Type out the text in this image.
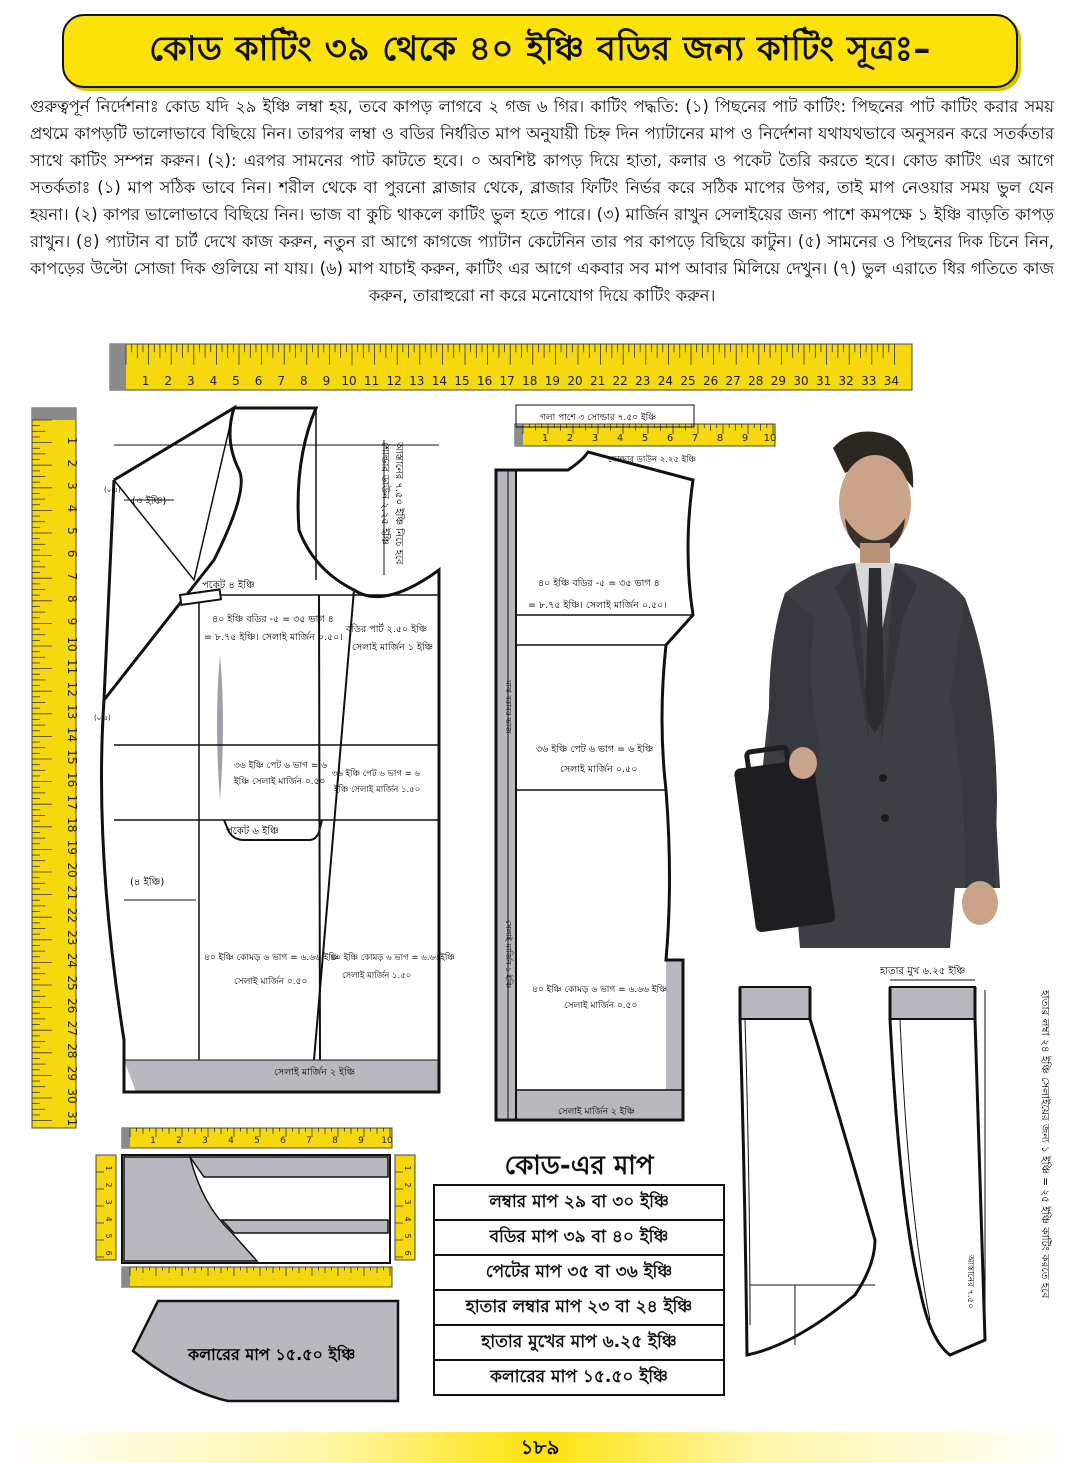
কোড কাটিং ৩৯ থেকে ৪০ ইঞ্চি বডির জন্য কাটিং সূত্রঃ–
গুরুত্বপূর্ন নির্দেশনাঃ কোড যদি ২৯ ইঞ্চি লম্বা হয়, তবে কাপড় লাগবে ২ গজ ৬ গির। কাটিং পদ্ধতি: (১) পিছনের পাট কাটিং: পিছনের পাট কাটিং করার সময় প্রথমে কাপড়টি ভালোভাবে বিছিয়ে নিন। তারপর লম্বা ও বডির নির্ধরিত মাপ অনুযায়ী চিহ্ন দিন প্যাটানের মাপ ও নির্দেশনা যথাযথভাবে অনুসরন করে সতর্কতার সাথে কাটিং সম্পন্ন করুন। (২): এরপর সামনের পাট কাটতে হবে। ০ অবশিষ্ট কাপড় দিয়ে হাতা, কলার ও পকেট তৈরি করতে হবে। কোড কাটিং এর আগে সতর্কতাঃ (১) মাপ সঠিক ভাবে নিন। শরীল থেকে বা পুরনো ব্লাজার থেকে, ব্লাজার ফিটিং নির্ভর করে সঠিক মাপের উপর, তাই মাপ নেওয়ার সময় ভুল যেন হয়না। (২) কাপর ভালোভাবে বিছিয়ে নিন। ভাজ বা কুচি থাকলে কাটিং ভুল হতে পারে। (৩) মার্জিন রাখুন সেলাইয়ের জন্য পাশে কমপক্ষে ১ ইঞ্চি বাড়তি কাপড় রাখুন। (৪) প্যাটান বা চার্ট দেখে কাজ করুন, নতুন রা আগে কাগজে প্যাটান কেটেনিন তার পর কাপড়ে বিছিয়ে কাটুন। (৫) সামনের ও পিছনের দিক চিনে নিন, কাপড়ের উল্টো সোজা দিক গুলিয়ে না যায়। (৬) মাপ যাচাই করুন, কাটিং এর আগে একবার সব মাপ আবার মিলিয়ে দেখুন। (৭) ভুল এরাতে ধির গতিতে কাজ করুন, তারাহুরো না করে মনোযোগ দিয়ে কাটিং করুন।
1 2 3 4 5 6 7 8 9 10 11 12 13 14 15 16 17 18 19 20 21 22 23 24 25 26 27 28 29 30 31 32 33 34
1
2
3
4
5
6
7
8
9
10
11
12
13
14
15
16
17
18
19
20
21
22
23
24
25
26
27
28
29
30
31
আস্তানের ৭.৫০ ইঞ্চি নিচে হবে
শোল্ডার ডাউন ২.২৫ ইঞ্চি
(৩ ইঞ্চি)
পকেট ৪ ইঞ্চি
৪০ ইঞ্চি বডির -৫ = ৩৫ ভাগ ৪
= ৮.৭৫ ইঞ্চি। সেলাই মার্জিন ০.৫০।
বডির পার্ট ২.৫০ ইঞ্চি
সেলাই মার্জিন ১ ইঞ্চি
৩৬ ইঞ্চি পেট ৬ ভাগ = ৬
ইঞ্চি সেলাই মার্জিন ০.৫০
৩৬ ইঞ্চি পেট ৬ ভাগ = ৬
ইঞ্চি সেলাই মার্জিন ১.৫০
পকেট ৬ ইঞ্চি
(৪ ইঞ্চি)
৪০ ইঞ্চি কোমড় ৬ ভাগ = ৬.৬৬ ইঞ্চি
সেলাই মার্জিন ০.৫০
৪০ ইঞ্চি কোমড় ৬ ভাগ = ৬.৬৬ইঞ্চি
সেলাই মার্জিন ১.৫০
সেলাই মার্জিন ২ ইঞ্চি
(০.৫)
(০.৫)
1 2 3 4 5 6 7 8 9 10
গলা পাশে ৩ সোল্ডার ৭.৫০ ইঞ্চি
সোল্ডার ডাউন ২.২৫ ইঞ্চি
৪০ ইঞ্চি বডির -৫ = ৩৫ ভাগ ৪
= ৮.৭৫ ইঞ্চি। সেলাই মার্জিন ০.৫০।
৩৬ ইঞ্চি পেট ৬ ভাগ = ৬ ইঞ্চি
সেলাই মার্জিন ০.৫০
৪০ ইঞ্চি কোমড় ৬ ভাগ = ৬.৬৬ ইঞ্চি
সেলাই মার্জিন ০.৫০
সেলাই মার্জিন ২ ইঞ্চি
মাঝ বরাবর ভাজ
সেলাই মার্জিন ১ ইঞ্চি	হাতার মুখ ৬.২৫ ইঞ্চি
হাতার লম্বা ২৪ ইঞ্চি সেলাইয়ের জন্য ১ ইঞ্চি = ২৫ ইঞ্চি কাটিং করতে হবে
আস্তানের ৭.৫০
1 2 3 4 5 6 7 8 9 10
1
2
3
4
5
6
1
2
3
4
5
6
কলারের মাপ ১৫.৫০ ইঞ্চি
কোড-এর মাপ
লম্বার মাপ ২৯ বা ৩০ ইঞ্চি
বডির মাপ ৩৯ বা ৪০ ইঞ্চি
পেটের মাপ ৩৫ বা ৩৬ ইঞ্চি
হাতার লম্বার মাপ ২৩ বা ২৪ ইঞ্চি
হাতার মুখের মাপ ৬.২৫ ইঞ্চি
কলারের মাপ ১৫.৫০ ইঞ্চি
১৮৯
